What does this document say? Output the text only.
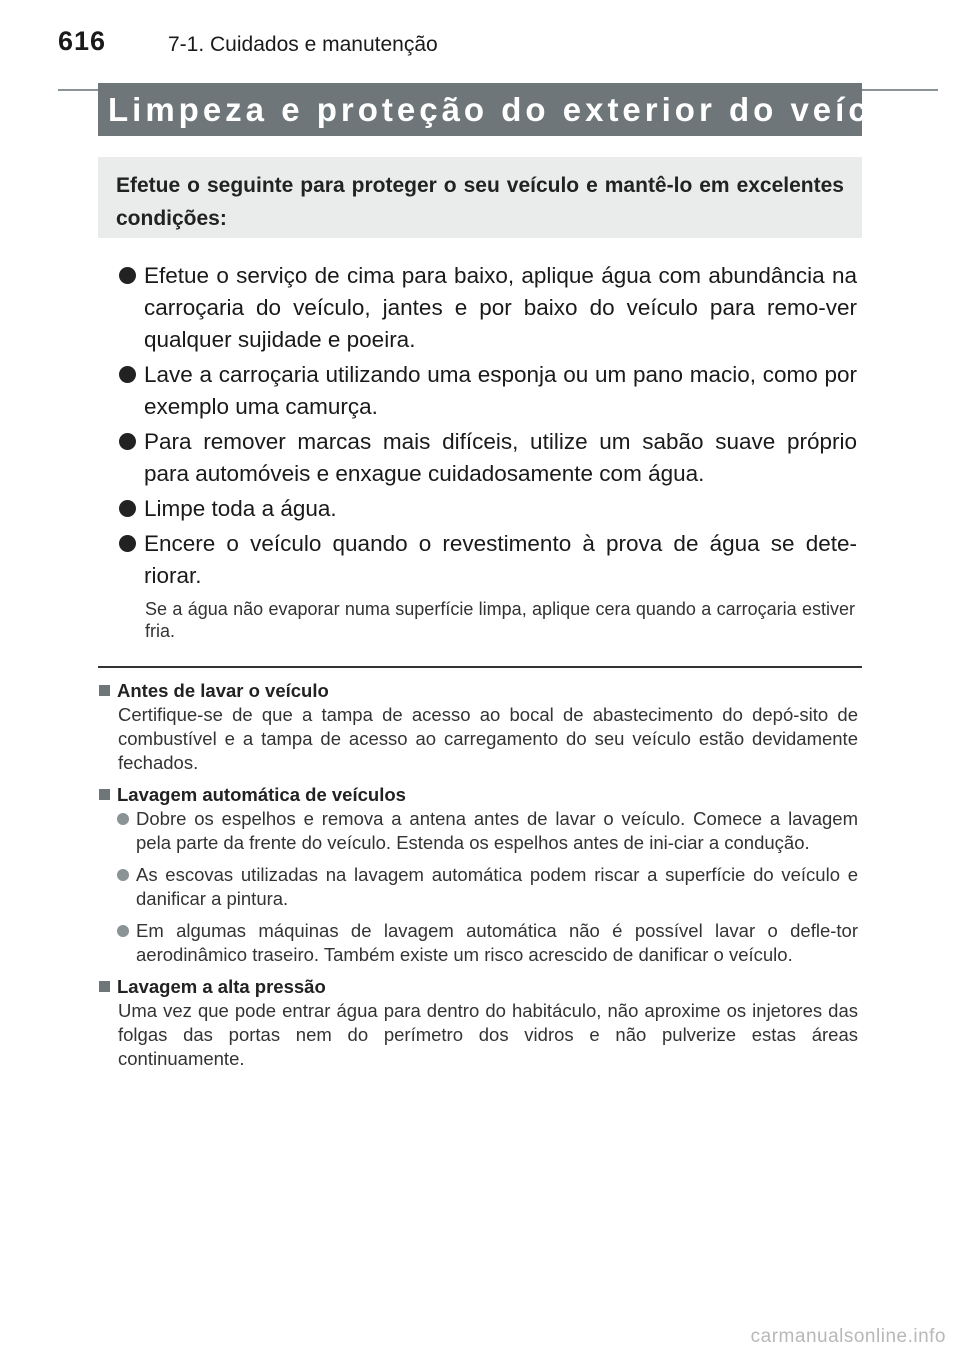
616	7-1. Cuidados e manutenção
Limpeza e proteção do exterior do veículo
Efetue o seguinte para proteger o seu veículo e mantê-lo em excelentes condições:
Efetue o serviço de cima para baixo, aplique água com abundância na carroçaria do veículo, jantes e por baixo do veículo para remo-ver qualquer sujidade e poeira.
Lave a carroçaria utilizando uma esponja ou um pano macio, como por exemplo uma camurça.
Para remover marcas mais difíceis, utilize um sabão suave próprio para automóveis e enxague cuidadosamente com água.
Limpe toda a água.
Encere o veículo quando o revestimento à prova de água se dete-riorar.
Se a água não evaporar numa superfície limpa, aplique cera quando a carroçaria estiver fria.
Antes de lavar o veículo
Certifique-se de que a tampa de acesso ao bocal de abastecimento do depó-sito de combustível e a tampa de acesso ao carregamento do seu veículo estão devidamente fechados.
Lavagem automática de veículos
Dobre os espelhos e remova a antena antes de lavar o veículo. Comece a lavagem pela parte da frente do veículo. Estenda os espelhos antes de ini-ciar a condução.
As escovas utilizadas na lavagem automática podem riscar a superfície do veículo e danificar a pintura.
Em algumas máquinas de lavagem automática não é possível lavar o defle-tor aerodinâmico traseiro. Também existe um risco acrescido de danificar o veículo.
Lavagem a alta pressão
Uma vez que pode entrar água para dentro do habitáculo, não aproxime os injetores das folgas das portas nem do perímetro dos vidros e não pulverize estas áreas continuamente.
carmanualsonline.info
